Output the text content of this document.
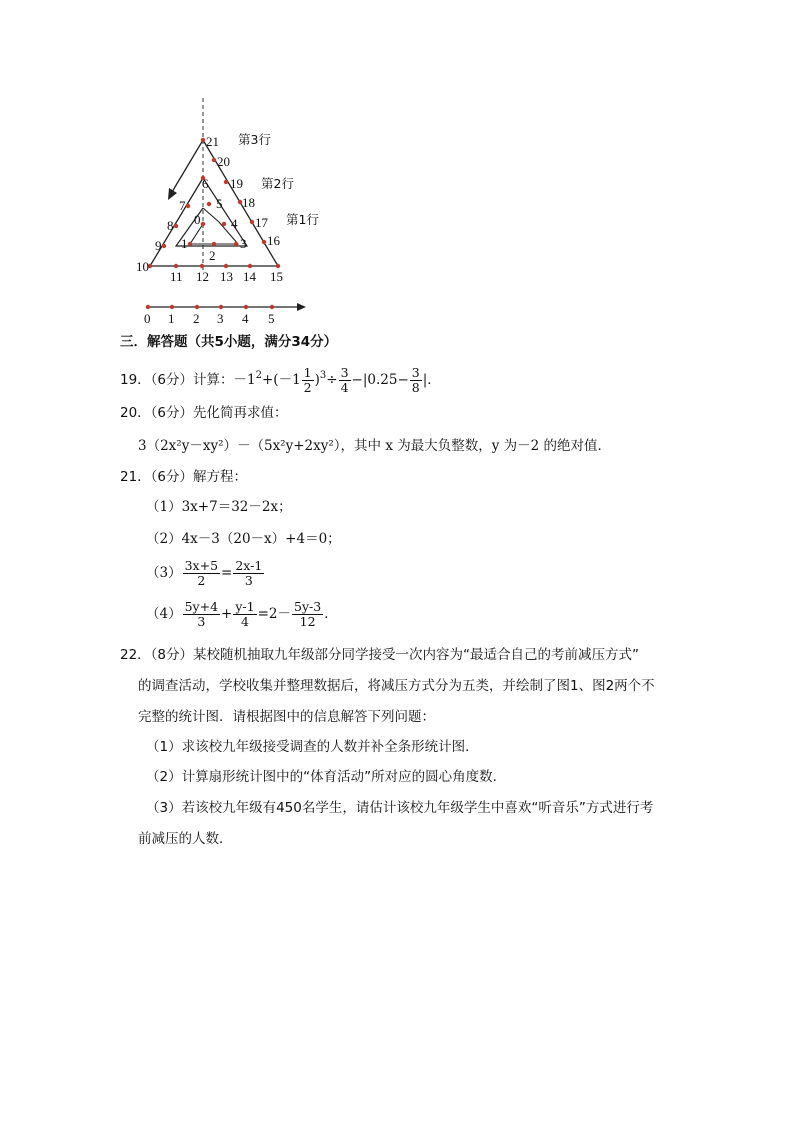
21
20
19
18
17
16
15
14
13
12
11
10
9
8
7
6
5
4
3
2
1
0
第3行
第2行
第1行
0 1 2 3 4 5
三．解答题（共5小题，满分34分）
19．（6分）计算：$-1^2+(-1 \frac{1}{2} )^3\div \frac{3}{4} -|0.25- \frac{3}{8}$ |．
20．（6分）先化简再求值：
3（2x²y－xy²）－（5x²y+2xy²），其中 x 为最大负整数，y 为－2 的绝对值．
21．（6分）解方程：
（1）3x+7＝32－2x；
（2）4x－3（20－x）+4＝0；
$(3) \frac{3x+5}{2} = \frac{2x-1}{3}$
$(4) \frac{5y+4}{3} + \frac{y-1}{4} =2- \frac{5y-3}{12}$ ．
22．（8分）某校随机抽取九年级部分同学接受一次内容为“最适合自己的考前减压方式”
的调查活动，学校收集并整理数据后，将减压方式分为五类，并绘制了图1、图2两个不
完整的统计图．请根据图中的信息解答下列问题：
（1）求该校九年级接受调查的人数并补全条形统计图．
（2）计算扇形统计图中的“体育活动”所对应的圆心角度数．
（3）若该校九年级有450名学生，请估计该校九年级学生中喜欢“听音乐”方式进行考
前减压的人数．
